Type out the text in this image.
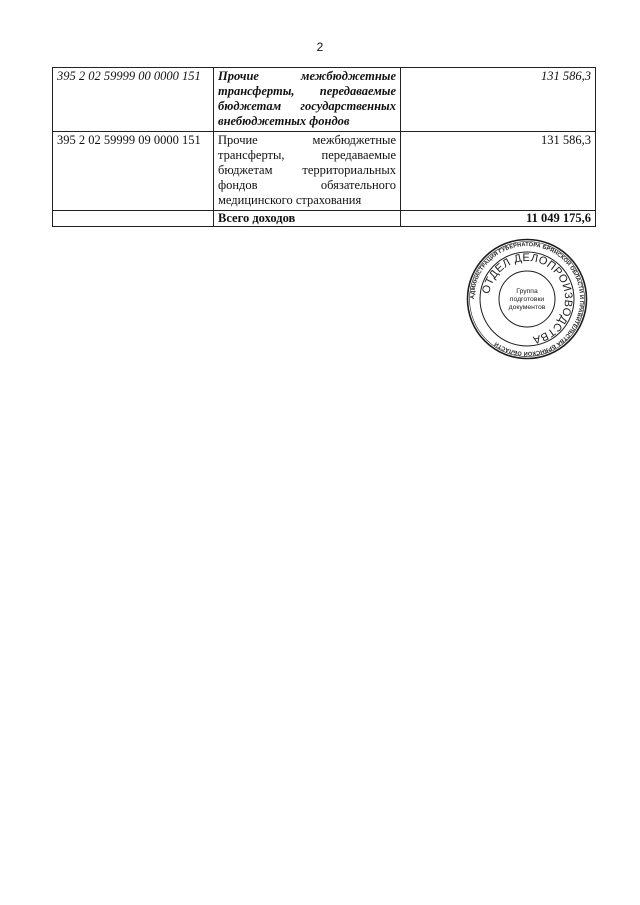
2
395 2 02 59999 00 0000 151	Прочие межбюджетные трансферты, передаваемые бюджетам государственных внебюджетных фондов	131 586,3
395 2 02 59999 09 0000 151	Прочие межбюджетные трансферты, передаваемые бюджетам территориальных фондов обязательного медицинского страхования	131 586,3
	Всего доходов	11 049 175,6
АДМИНИСТРАЦИЯ ГУБЕРНАТОРА БРЯНСКОЙ ОБЛАСТИ И ПРАВИТЕЛЬСТВА БРЯНСКОЙ ОБЛАСТИ
ОТДЕЛ ДЕЛОПРОИЗВОДСТВА
Группа
подготовки
документов
